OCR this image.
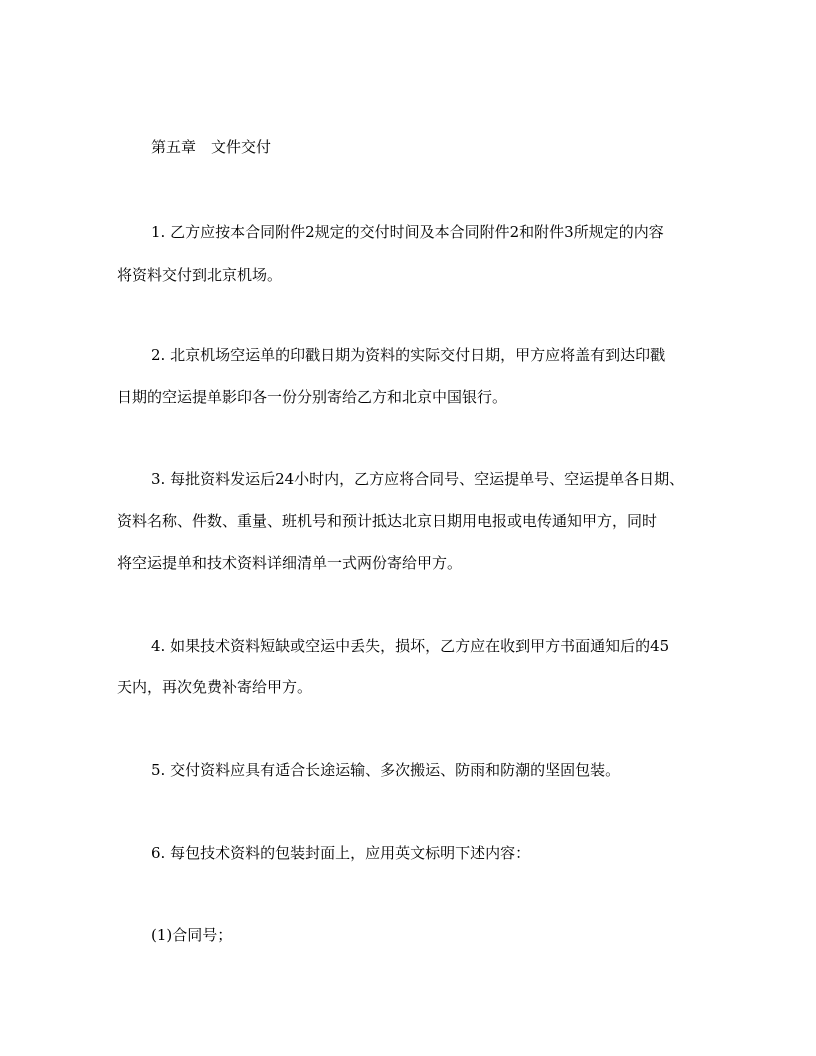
第五章　文件交付
1. 乙方应按本合同附件2规定的交付时间及本合同附件2和附件3所规定的内容
将资料交付到北京机场。
2. 北京机场空运单的印戳日期为资料的实际交付日期，甲方应将盖有到达印戳
日期的空运提单影印各一份分别寄给乙方和北京中国银行。
3. 每批资料发运后24小时内，乙方应将合同号、空运提单号、空运提单各日期、
资料名称、件数、重量、班机号和预计抵达北京日期用电报或电传通知甲方，同时
将空运提单和技术资料详细清单一式两份寄给甲方。
4. 如果技术资料短缺或空运中丢失，损坏，乙方应在收到甲方书面通知后的45
天内，再次免费补寄给甲方。
5. 交付资料应具有适合长途运输、多次搬运、防雨和防潮的坚固包装。
6. 每包技术资料的包装封面上，应用英文标明下述内容：
(1)合同号；
